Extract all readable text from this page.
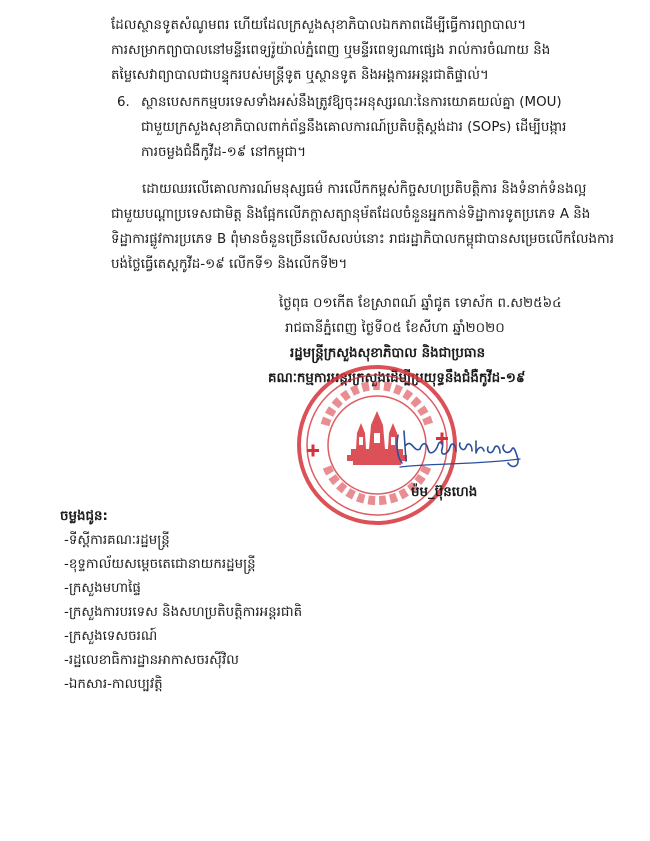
ដែលស្ថានទូតសំណូមពរ ហើយដែលក្រសួងសុខាភិបាលឯកភាពដើម្បីធ្វើការព្យាបាល។
ការសម្រាកព្យាបាលនៅមន្ទីរពេទ្យរ៉ូយ៉ាល់ភ្នំពេញ ឬមន្ទីរពេទ្យណាផ្សេង រាល់ការចំណាយ និង
តម្លៃសេវាព្យាបាលជាបន្ទុករបស់មន្ត្រីទូត ឬស្ថានទូត និងអង្គការអន្តរជាតិផ្ទាល់។
6. ស្ថានបេសកកម្មបរទេសទាំងអស់នឹងត្រូវឱ្យចុះអនុស្សរណៈនៃការយោគយល់គ្នា (MOU)
ជាមួយក្រសួងសុខាភិបាលពាក់ព័ន្ធនឹងគោលការណ៍ប្រតិបត្តិស្តង់ដារ (SOPs) ដើម្បីបង្ការ
ការចម្លងជំងឺកូវីដ-១៩ នៅកម្ពុជា។
ដោយឈរលើគោលការណ៍មនុស្សធម៌ ការលើកកម្ពស់កិច្ចសហប្រតិបត្តិការ និងទំនាក់ទំនងល្អ
ជាមួយបណ្តាប្រទេសជាមិត្ត និងផ្អែកលើភក្តាសត្យានុម័តដែលចំនួនអ្នកកាន់ទិដ្ឋាការទូតប្រភេទ A និង
ទិដ្ឋាការផ្លូវការប្រភេទ B ពុំមានចំនួនច្រើនលើសលប់នោះ រាជរដ្ឋាភិបាលកម្ពុជាបានសម្រេចលើកលែងការ
បង់ថ្លៃធ្វើតេស្តកូវីដ-១៩ លើកទី១ និងលើកទី២។
ថ្ងៃពុធ ០១កេីត ខែស្រាពណ៍ ឆ្នាំជូត ទោស័ក ព.ស២៥៦៤
រាជធានីភ្នំពេញ ថ្ងៃទី០៥ ខែសីហា ឆ្នាំ២០២០
រដ្ឋមន្ត្រីក្រសួងសុខាភិបាល និងជាប្រធាន
គណៈកម្មការអន្តរក្រសួងដើម្បីប្រយុទ្ធនឹងជំងឺកូវីដ-១៩
ម៉ម_ប៊ុនហេង
ចម្លងជូន:
-ទីស្តីការគណៈរដ្ឋមន្ត្រី
-ខុទ្ទកាល័យសម្តេចតេជោនាយករដ្ឋមន្ត្រី
-ក្រសួងមហាផ្ទៃ
-ក្រសួងការបរទេស និងសហប្រតិបត្តិការអន្តរជាតិ
-ក្រសួងទេសចរណ៍
-រដ្ឋលេខាធិការដ្ឋានអាកាសចរស៊ីវិល
-ឯកសារ-កាលប្បវត្តិ
